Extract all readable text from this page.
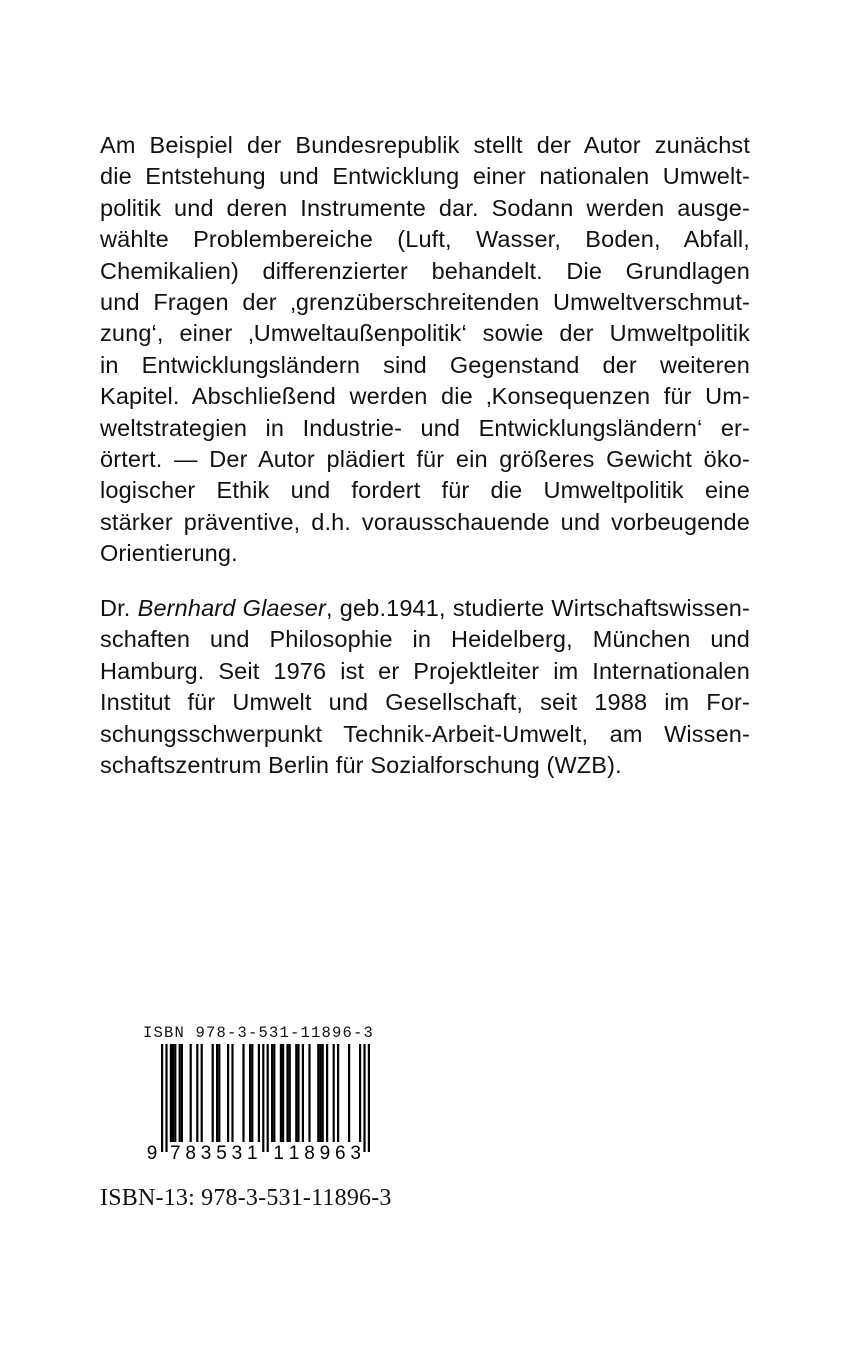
Am Beispiel der Bundesrepublik stellt der Autor zunächst
die Entstehung und Entwicklung einer nationalen Umwelt-
politik und deren Instrumente dar. Sodann werden ausge-
wählte Problembereiche (Luft, Wasser, Boden, Abfall,
Chemikalien) differenzierter behandelt. Die Grundlagen
und Fragen der ‚grenzüberschreitenden Umweltverschmut-
zung‘, einer ‚Umweltaußenpolitik‘ sowie der Umweltpolitik
in Entwicklungsländern sind Gegenstand der weiteren
Kapitel. Abschließend werden die ‚Konsequenzen für Um-
weltstrategien in Industrie- und Entwicklungsländern‘ er-
örtert. — Der Autor plädiert für ein größeres Gewicht öko-
logischer Ethik und fordert für die Umweltpolitik eine
stärker präventive, d.h. vorausschauende und vorbeugende
Orientierung.
Dr. Bernhard Glaeser, geb.1941, studierte Wirtschaftswissen-
schaften und Philosophie in Heidelberg, München und
Hamburg. Seit 1976 ist er Projektleiter im Internationalen
Institut für Umwelt und Gesellschaft, seit 1988 im For-
schungsschwerpunkt Technik-Arbeit-Umwelt, am Wissen-
schaftszentrum Berlin für Sozialforschung (WZB).
ISBN 978-3-531-11896-3
9 7 8 3 5 3 1 1 1 8 9 6 3
ISBN-13: 978-3-531-11896-3
